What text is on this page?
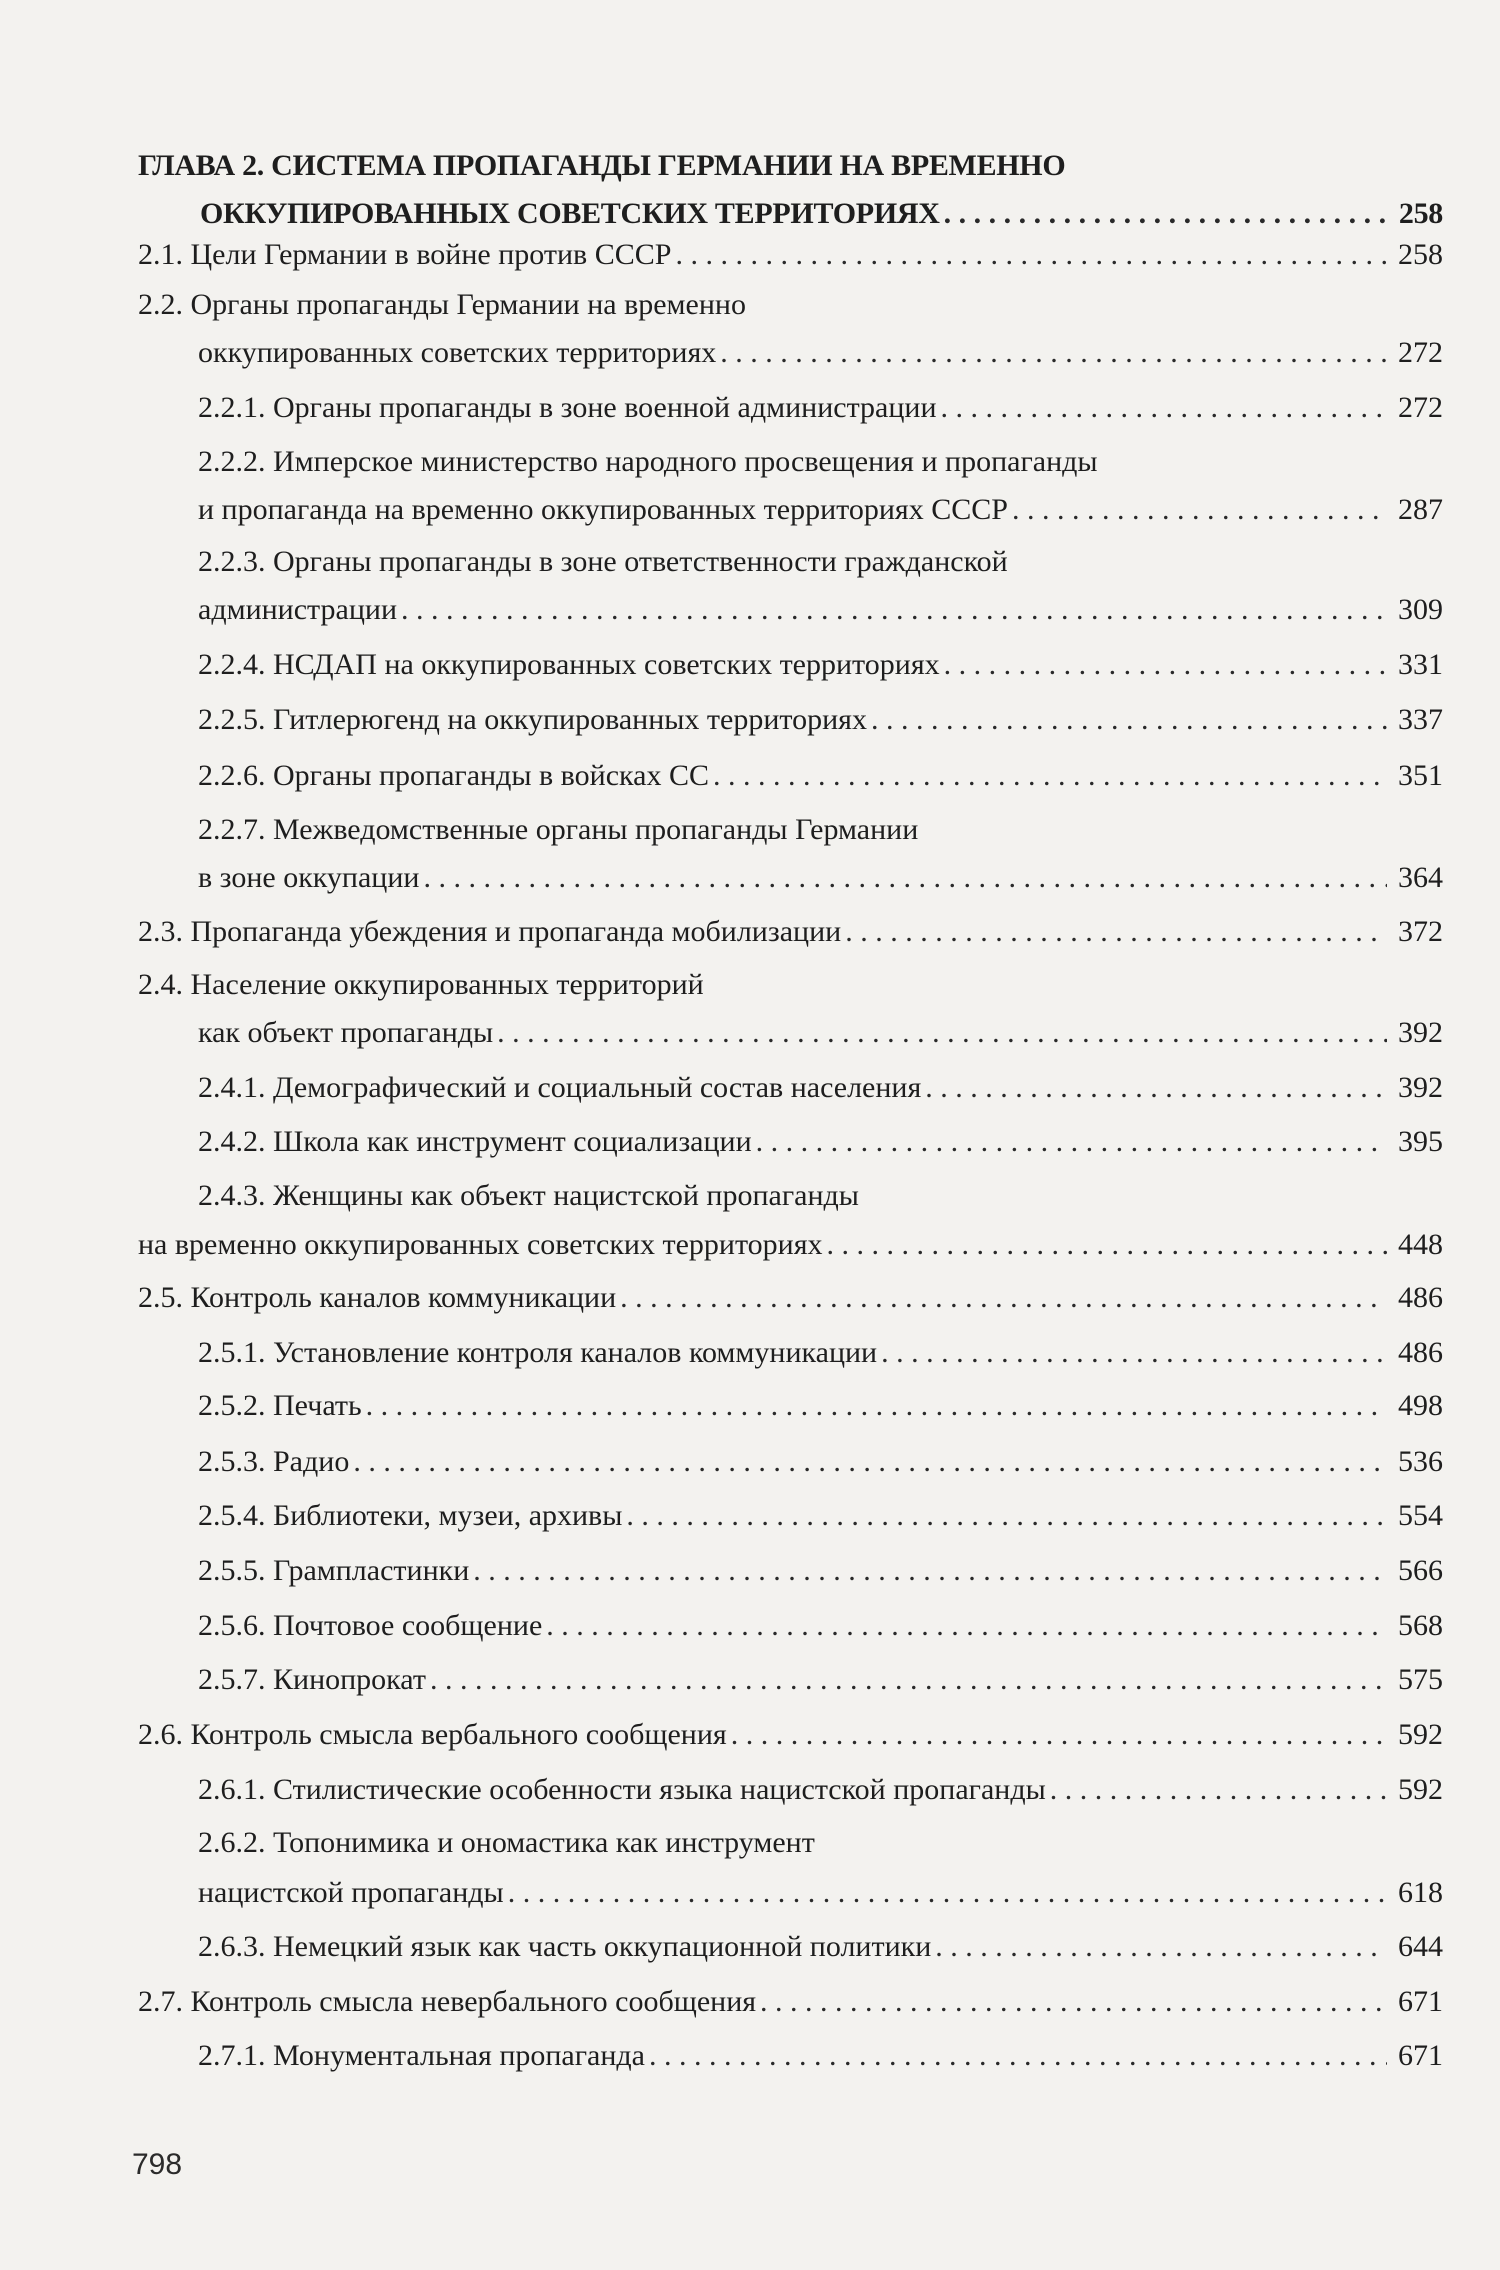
ГЛАВА 2. СИСТЕМА ПРОПАГАНДЫ ГЕРМАНИИ НА ВРЕМЕННО
ОККУПИРОВАННЫХ СОВЕТСКИХ ТЕРРИТОРИЯХ . . .	258
2.1. Цели Германии в войне против СССР . . .	258
2.2. Органы пропаганды Германии на временно
оккупированных советских территориях . . .	272
2.2.1. Органы пропаганды в зоне военной администрации . . .	272
2.2.2. Имперское министерство народного просвещения и пропаганды
и пропаганда на временно оккупированных территориях СССР . . .	287
2.2.3. Органы пропаганды в зоне ответственности гражданской
администрации . . .	309
2.2.4. НСДАП на оккупированных советских территориях . . .	331
2.2.5. Гитлерюгенд на оккупированных территориях . . .	337
2.2.6. Органы пропаганды в войсках СС . . .	351
2.2.7. Межведомственные органы пропаганды Германии
в зоне оккупации . . .	364
2.3. Пропаганда убеждения и пропаганда мобилизации . . .	372
2.4. Население оккупированных территорий
как объект пропаганды . . .	392
2.4.1. Демографический и социальный состав населения . . .	392
2.4.2. Школа как инструмент социализации . . .	395
2.4.3. Женщины как объект нацистской пропаганды
на временно оккупированных советских территориях . . .	448
2.5. Контроль каналов коммуникации . . .	486
2.5.1. Установление контроля каналов коммуникации . . .	486
2.5.2. Печать . . .	498
2.5.3. Радио . . .	536
2.5.4. Библиотеки, музеи, архивы . . .	554
2.5.5. Грампластинки . . .	566
2.5.6. Почтовое сообщение . . .	568
2.5.7. Кинопрокат . . .	575
2.6. Контроль смысла вербального сообщения . . .	592
2.6.1. Стилистические особенности языка нацистской пропаганды . . .	592
2.6.2. Топонимика и ономастика как инструмент
нацистской пропаганды . . .	618
2.6.3. Немецкий язык как часть оккупационной политики . . .	644
2.7. Контроль смысла невербального сообщения . . .	671
2.7.1. Монументальная пропаганда . . .	671
798
